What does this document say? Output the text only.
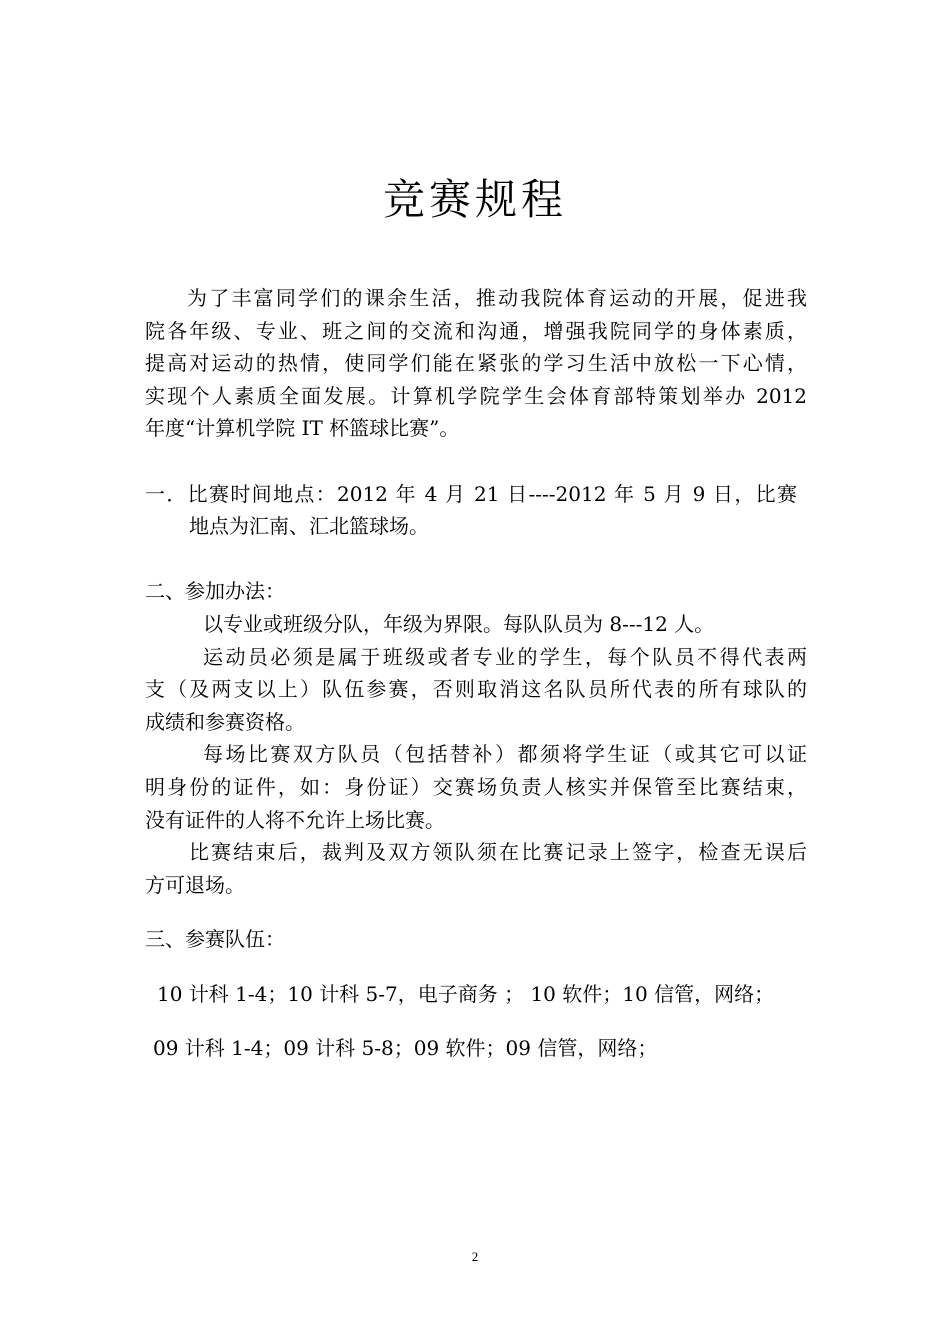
竞赛规程

为了丰富同学们的课余生活，推动我院体育运动的开展，促进我

院各年级、专业、班之间的交流和沟通，增强我院同学的身体素质，

提高对运动的热情，使同学们能在紧张的学习生活中放松一下心情，

实现个人素质全面发展。计算机学院学生会体育部特策划举办 2012

年度“计算机学院 IT 杯篮球比赛”。

一．比赛时间地点：2012 年 4 月 21 日----2012 年 5 月 9 日，比赛

地点为汇南、汇北篮球场。

二、参加办法：

以专业或班级分队，年级为界限。每队队员为 8---12 人。

运动员必须是属于班级或者专业的学生，每个队员不得代表两

支（及两支以上）队伍参赛，否则取消这名队员所代表的所有球队的

成绩和参赛资格。

每场比赛双方队员（包括替补）都须将学生证（或其它可以证

明身份的证件，如：身份证）交赛场负责人核实并保管至比赛结束，

没有证件的人将不允许上场比赛。

比赛结束后，裁判及双方领队须在比赛记录上签字，检查无误后

方可退场。

三、参赛队伍：

10 计科 1-4；10 计科 5-7，电子商务 ； 10 软件；10 信管，网络；

09 计科 1-4；09 计科 5-8；09 软件；09 信管，网络；

2
